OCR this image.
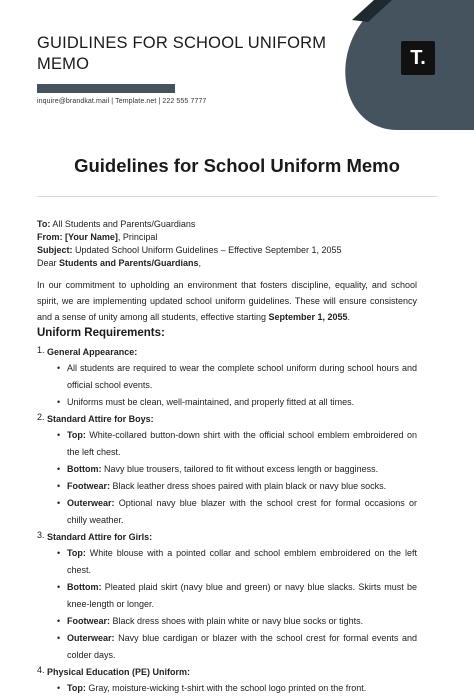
T.
GUIDLINES FOR SCHOOL UNIFORM MEMO
inquire@brandkat.mail | Template.net | 222 555 7777
Guidelines for School Uniform Memo

To: All Students and Parents/Guardians

From: [Your Name], Principal

Subject: Updated School Uniform Guidelines – Effective September 1, 2055

Dear Students and Parents/Guardians,

In our commitment to upholding an environment that fosters discipline, equality, and school spirit, we are implementing updated school uniform guidelines. These will ensure consistency and a sense of unity among all students, effective starting September 1, 2055.

Uniform Requirements:
1. General Appearance:
• All students are required to wear the complete school uniform during school hours and official school events.
• Uniforms must be clean, well-maintained, and properly fitted at all times.
2. Standard Attire for Boys:
• Top: White-collared button-down shirt with the official school emblem embroidered on the left chest.
• Bottom: Navy blue trousers, tailored to fit without excess length or bagginess.
• Footwear: Black leather dress shoes paired with plain black or navy blue socks.
• Outerwear: Optional navy blue blazer with the school crest for formal occasions or chilly weather.
3. Standard Attire for Girls:
• Top: White blouse with a pointed collar and school emblem embroidered on the left chest.
• Bottom: Pleated plaid skirt (navy blue and green) or navy blue slacks. Skirts must be knee-length or longer.
• Footwear: Black dress shoes with plain white or navy blue socks or tights.
• Outerwear: Navy blue cardigan or blazer with the school crest for formal events and colder days.
4. Physical Education (PE) Uniform:
• Top: Gray, moisture-wicking t-shirt with the school logo printed on the front.
